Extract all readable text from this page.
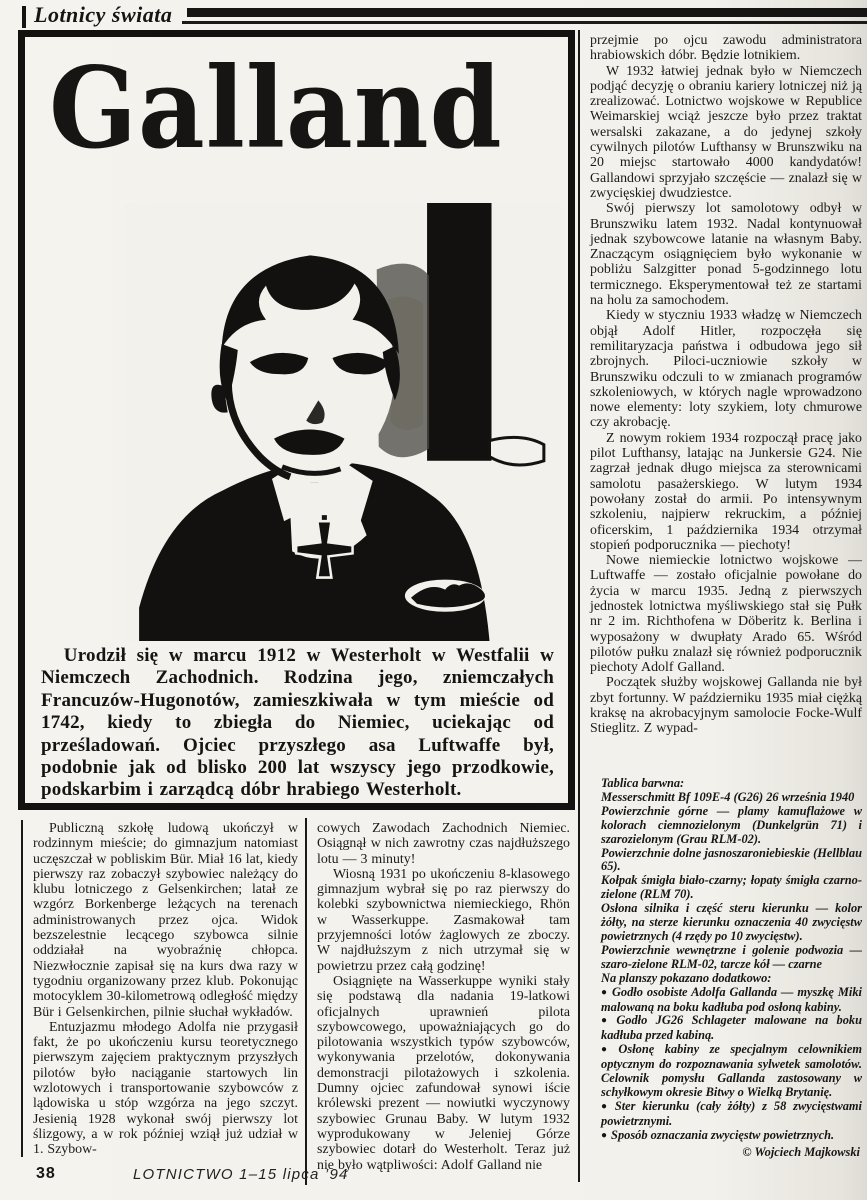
Lotnicy świata
Galland

Urodził się w marcu 1912 w Westerholt w Westfalii w Niemczech Zachodnich. Rodzina jego, zniemczałych Francuzów-Hugonotów, zamieszkiwała w tym mieście od 1742, kiedy to zbiegła do Niemiec, uciekając od prześladowań. Ojciec przyszłego asa Luftwaffe był, podobnie jak od blisko 200 lat wszyscy jego przodkowie, podskarbim i zarządcą dóbr hrabiego Westerholt.

Publiczną szkołę ludową ukończył w rodzinnym mieście; do gimnazjum natomiast uczęszczał w pobliskim Bür. Miał 16 lat, kiedy pierwszy raz zobaczył szybowiec należący do klubu lotniczego z Gelsenkirchen; latał ze wzgórz Borkenberge leżących na terenach administrowanych przez ojca. Widok bezszelestnie lecącego szybowca silnie oddziałał na wyobraźnię chłopca. Niezwłocznie zapisał się na kurs dwa razy w tygodniu organizowany przez klub. Pokonując motocyklem 30-kilometrową odległość między Bür i Gelsenkirchen, pilnie słuchał wykładów.

Entuzjazmu młodego Adolfa nie przygasił fakt, że po ukończeniu kursu teoretycznego pierwszym zajęciem praktycznym przyszłych pilotów było naciąganie startowych lin wzlotowych i transportowanie szybowców z lądowiska u stóp wzgórza na jego szczyt. Jesienią 1928 wykonał swój pierwszy lot ślizgowy, a w rok później wziął już udział w 1. Szybow-

cowych Zawodach Zachodnich Niemiec. Osiągnął w nich zawrotny czas najdłuższego lotu — 3 minuty!

Wiosną 1931 po ukończeniu 8-klasowego gimnazjum wybrał się po raz pierwszy do kolebki szybownictwa niemieckiego, Rhön w Wasserkuppe. Zasmakował tam przyjemności lotów żaglowych ze zboczy. W najdłuższym z nich utrzymał się w powietrzu przez całą godzinę!

Osiągnięte na Wasserkuppe wyniki stały się podstawą dla nadania 19-latkowi oficjalnych uprawnień pilota szybowcowego, upoważniających go do pilotowania wszystkich typów szybowców, wykonywania przelotów, dokonywania demonstracji pilotażowych i szkolenia. Dumny ojciec zafundował synowi iście królewski prezent — nowiutki wyczynowy szybowiec Grunau Baby. W lutym 1932 wyprodukowany w Jeleniej Górze szybowiec dotarł do Westerholt. Teraz już nie było wątpliwości: Adolf Galland nie

przejmie po ojcu zawodu administratora hrabiowskich dóbr. Będzie lotnikiem.

W 1932 łatwiej jednak było w Niemczech podjąć decyzję o obraniu kariery lotniczej niż ją zrealizować. Lotnictwo wojskowe w Republice Weimarskiej wciąż jeszcze było przez traktat wersalski zakazane, a do jedynej szkoły cywilnych pilotów Lufthansy w Brunszwiku na 20 miejsc startowało 4000 kandydatów! Gallandowi sprzyjało szczęście — znalazł się w zwycięskiej dwudziestce.

Swój pierwszy lot samolotowy odbył w Brunszwiku latem 1932. Nadal kontynuował jednak szybowcowe latanie na własnym Baby. Znaczącym osiągnięciem było wykonanie w pobliżu Salzgitter ponad 5-godzinnego lotu termicznego. Eksperymentował też ze startami na holu za samochodem.

Kiedy w styczniu 1933 władzę w Niemczech objął Adolf Hitler, rozpoczęła się remilitaryzacja państwa i odbudowa jego sił zbrojnych. Piloci-uczniowie szkoły w Brunszwiku odczuli to w zmianach programów szkoleniowych, w których nagle wprowadzono nowe elementy: loty szykiem, loty chmurowe czy akrobację.

Z nowym rokiem 1934 rozpoczął pracę jako pilot Lufthansy, latając na Junkersie G24. Nie zagrzał jednak długo miejsca za sterownicami samolotu pasażerskiego. W lutym 1934 powołany został do armii. Po intensywnym szkoleniu, najpierw rekruckim, a później oficerskim, 1 października 1934 otrzymał stopień podporucznika — piechoty!

Nowe niemieckie lotnictwo wojskowe — Luftwaffe — zostało oficjalnie powołane do życia w marcu 1935. Jedną z pierwszych jednostek lotnictwa myśliwskiego stał się Pułk nr 2 im. Richthofena w Döberitz k. Berlina i wyposażony w dwupłaty Arado 65. Wśród pilotów pułku znalazł się również podporucznik piechoty Adolf Galland.

Początek służby wojskowej Gallanda nie był zbyt fortunny. W październiku 1935 miał ciężką kraksę na akrobacyjnym samolocie Focke-Wulf Stieglitz. Z wypad-

Tablica barwna:

Messerschmitt Bf 109E-4 (G26) 26 września 1940

Powierzchnie górne — plamy kamuflażowe w kolorach ciemnozielonym (Dunkelgrün 71) i szarozielonym (Grau RLM-02).

Powierzchnie dolne jasnoszaroniebieskie (Hellblau 65).

Kołpak śmigła biało-czarny; łopaty śmigła czarno-zielone (RLM 70).

Osłona silnika i część steru kierunku — kolor żółty, na sterze kierunku oznaczenia 40 zwycięstw powietrznych (4 rzędy po 10 zwycięstw).

Powierzchnie wewnętrzne i golenie podwozia — szaro-zielone RLM-02, tarcze kół — czarne

Na planszy pokazano dodatkowo:

● Godło osobiste Adolfa Gallanda — myszkę Miki malowaną na boku kadłuba pod osłoną kabiny.

● Godło JG26 Schlageter malowane na boku kadłuba przed kabiną.

● Osłonę kabiny ze specjalnym celownikiem optycznym do rozpoznawania sylwetek samolotów. Celownik pomysłu Gallanda zastosowany w schyłkowym okresie Bitwy o Wielką Brytanię.

● Ster kierunku (cały żółty) z 58 zwycięstwami powietrznymi.

● Sposób oznaczania zwycięstw powietrznych.

© Wojciech Majkowski

38	LOTNICTWO 1–15 lipca ’94
